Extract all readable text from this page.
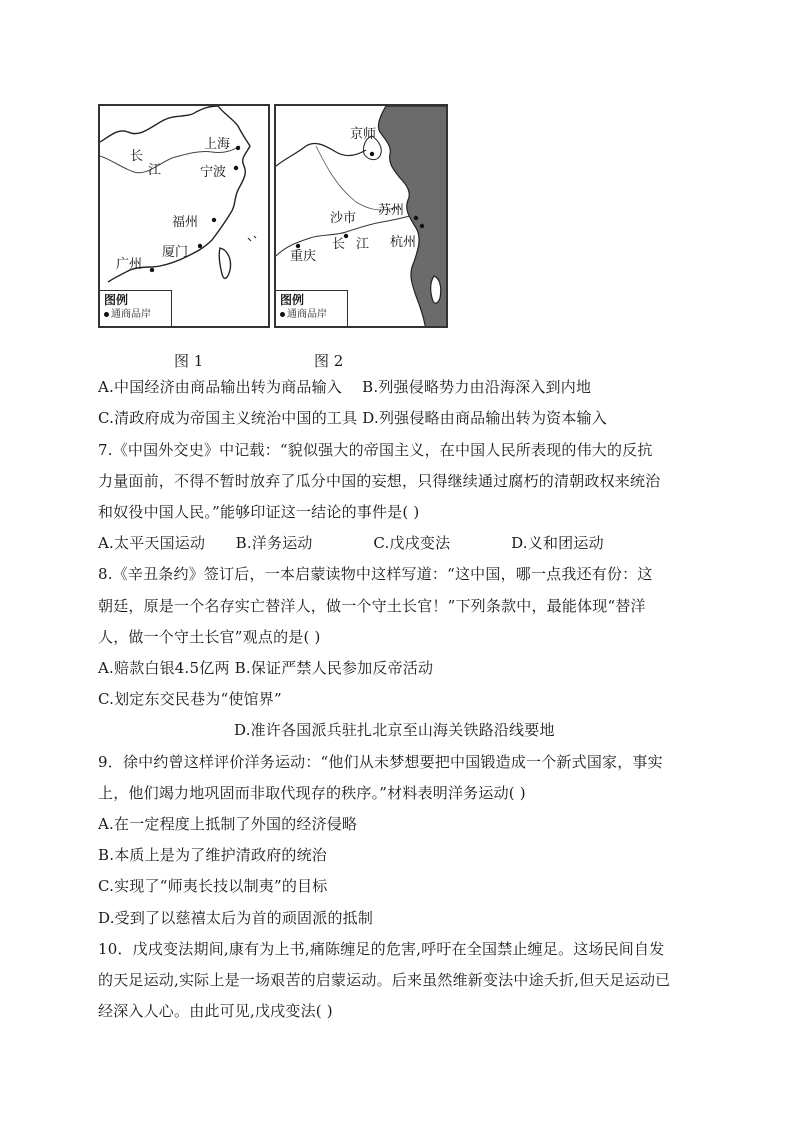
长
江
上海
宁波
福州
厦门
广州
图例
通商品岸
京师
苏州
沙市
长 江 杭州
重庆
图例
通商品岸
图 1	图 2
A.中国经济由商品输出转为商品输入　 B.列强侵略势力由沿海深入到内地
C.清政府成为帝国主义统治中国的工具 D.列强侵略由商品输出转为资本输入
7.《中国外交史》中记载：“貌似强大的帝国主义，在中国人民所表现的伟大的反抗
力量面前，不得不暂时放弃了瓜分中国的妄想，只得继续通过腐朽的清朝政权来统治
和奴役中国人民。”能够印证这一结论的事件是( )
A.太平天国运动　　B.洋务运动　　　　C.戊戌变法　　　　D.义和团运动
8.《辛丑条约》签订后，一本启蒙读物中这样写道：“这中国，哪一点我还有份：这
朝廷，原是一个名存实亡替洋人，做一个守土长官！”下列条款中，最能体现“替洋
人，做一个守土长官”观点的是( )
A.赔款白银4.5亿两 B.保证严禁人民参加反帝活动
C.划定东交民巷为“使馆界”
D.准许各国派兵驻扎北京至山海关铁路沿线要地
9．徐中约曾这样评价洋务运动：“他们从未梦想要把中国锻造成一个新式国家，事实
上，他们竭力地巩固而非取代现存的秩序。”材料表明洋务运动( )
A.在一定程度上抵制了外国的经济侵略
B.本质上是为了维护清政府的统治
C.实现了“师夷长技以制夷”的目标
D.受到了以慈禧太后为首的顽固派的抵制
10．戊戌变法期间,康有为上书,痛陈缠足的危害,呼吁在全国禁止缠足。这场民间自发
的天足运动,实际上是一场艰苦的启蒙运动。后来虽然维新变法中途夭折,但天足运动已
经深入人心。由此可见,戊戌变法( )
